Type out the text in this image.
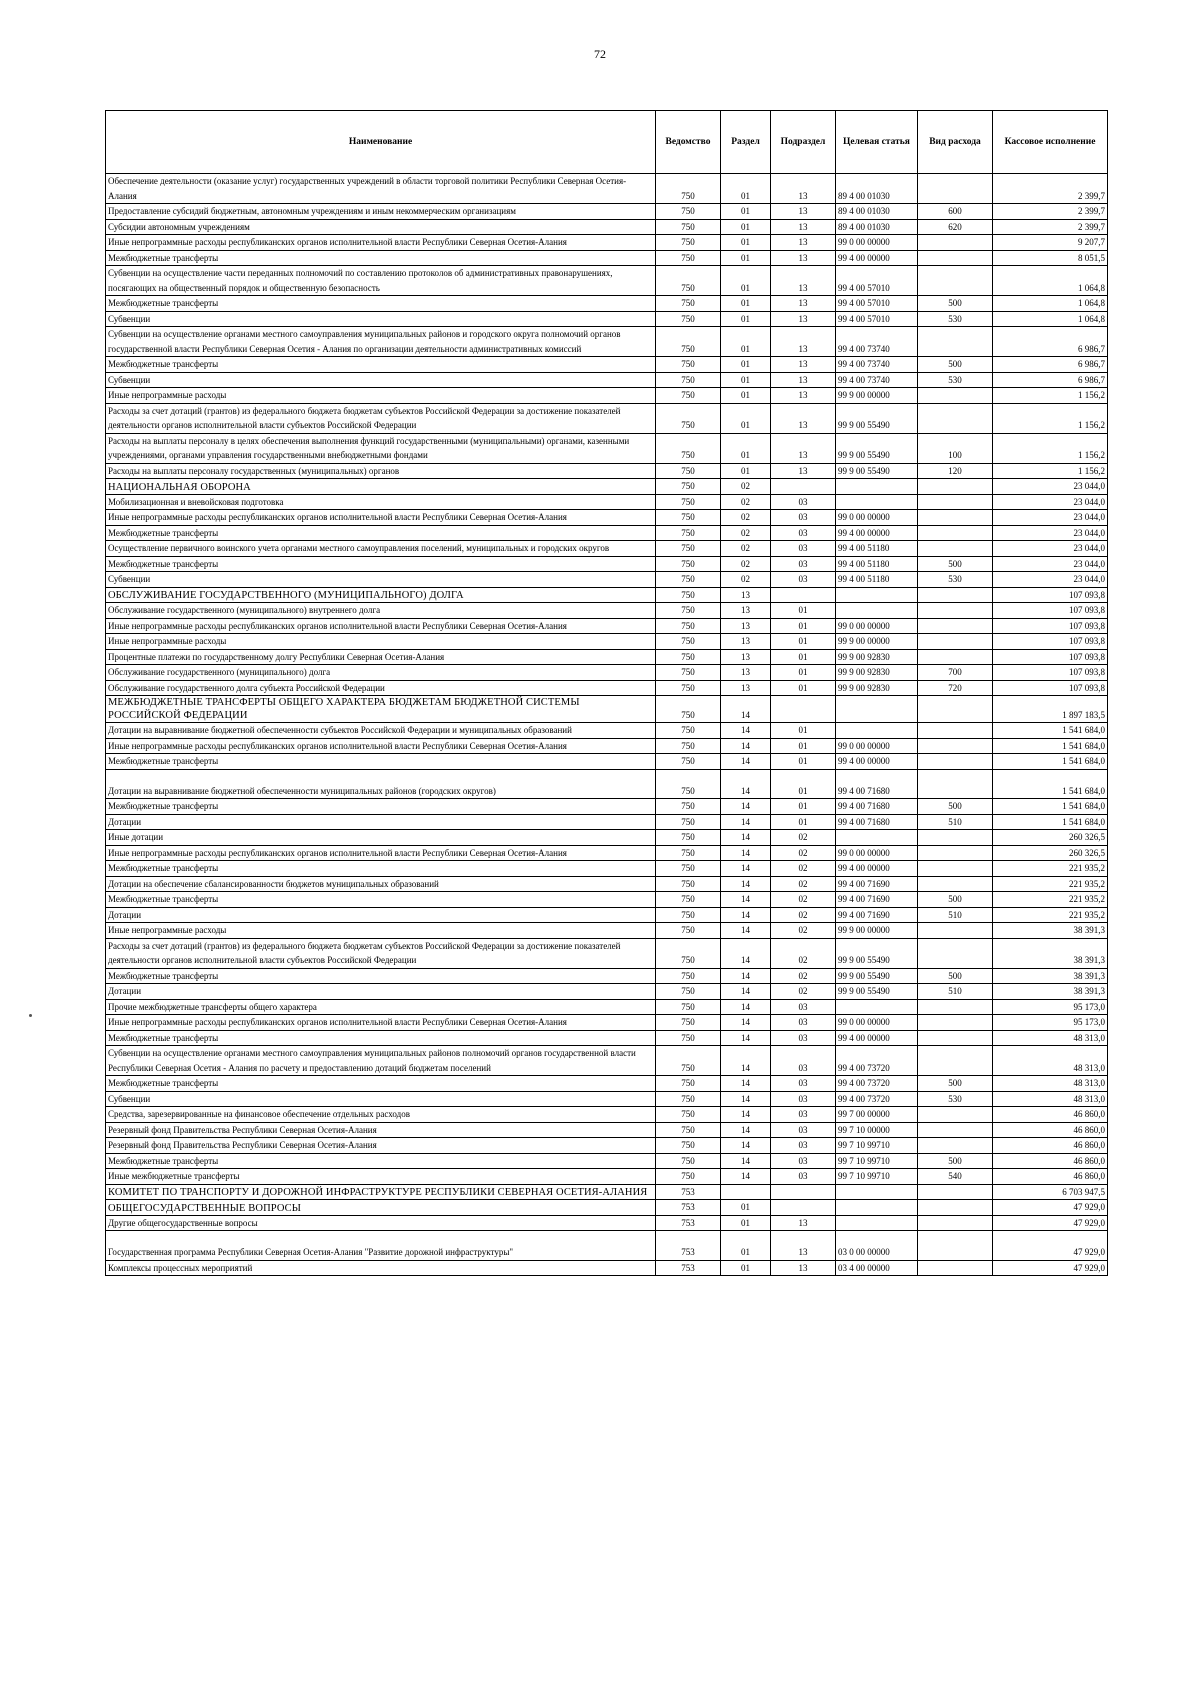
72
Наименование	Ведомство	Раздел	Подраздел	Целевая статья	Вид расхода	Кассовое исполнение
Обеспечение деятельности (оказание услуг) государственных учреждений в области торговой политики Республики Северная Осетия-Алания	750	01	13	89 4 00 01030		2 399,7
Предоставление субсидий бюджетным, автономным учреждениям и иным некоммерческим организациям	750	01	13	89 4 00 01030	600	2 399,7
Субсидии автономным учреждениям	750	01	13	89 4 00 01030	620	2 399,7
Иные непрограммные расходы республиканских органов исполнительной власти Республики Северная Осетия-Алания	750	01	13	99 0 00 00000		9 207,7
Межбюджетные трансферты	750	01	13	99 4 00 00000		8 051,5
Субвенции на осуществление части переданных полномочий по составлению протоколов об административных правонарушениях, посягающих на общественный порядок и общественную безопасность	750	01	13	99 4 00 57010		1 064,8
Межбюджетные трансферты	750	01	13	99 4 00 57010	500	1 064,8
Субвенции	750	01	13	99 4 00 57010	530	1 064,8
Субвенции на осуществление органами местного самоуправления муниципальных районов и городского округа полномочий органов государственной власти Республики Северная Осетия - Алания по организации деятельности административных комиссий	750	01	13	99 4 00 73740		6 986,7
Межбюджетные трансферты	750	01	13	99 4 00 73740	500	6 986,7
Субвенции	750	01	13	99 4 00 73740	530	6 986,7
Иные непрограммные расходы	750	01	13	99 9 00 00000		1 156,2
Расходы за счет дотаций (грантов) из федерального бюджета бюджетам субъектов Российской Федерации за достижение показателей деятельности органов исполнительной власти субъектов Российской Федерации	750	01	13	99 9 00 55490		1 156,2
Расходы на выплаты персоналу в целях обеспечения выполнения функций государственными (муниципальными) органами, казенными учреждениями, органами управления государственными внебюджетными фондами	750	01	13	99 9 00 55490	100	1 156,2
Расходы на выплаты персоналу государственных (муниципальных) органов	750	01	13	99 9 00 55490	120	1 156,2
НАЦИОНАЛЬНАЯ ОБОРОНА	750	02				23 044,0
Мобилизационная и вневойсковая подготовка	750	02	03			23 044,0
Иные непрограммные расходы республиканских органов исполнительной власти Республики Северная Осетия-Алания	750	02	03	99 0 00 00000		23 044,0
Межбюджетные трансферты	750	02	03	99 4 00 00000		23 044,0
Осуществление первичного воинского учета органами местного самоуправления поселений, муниципальных и городских округов	750	02	03	99 4 00 51180		23 044,0
Межбюджетные трансферты	750	02	03	99 4 00 51180	500	23 044,0
Субвенции	750	02	03	99 4 00 51180	530	23 044,0
ОБСЛУЖИВАНИЕ ГОСУДАРСТВЕННОГО (МУНИЦИПАЛЬНОГО) ДОЛГА	750	13				107 093,8
Обслуживание государственного (муниципального) внутреннего долга	750	13	01			107 093,8
Иные непрограммные расходы республиканских органов исполнительной власти Республики Северная Осетия-Алания	750	13	01	99 0 00 00000		107 093,8
Иные непрограммные расходы	750	13	01	99 9 00 00000		107 093,8
Процентные платежи по государственному долгу Республики Северная Осетия-Алания	750	13	01	99 9 00 92830		107 093,8
Обслуживание государственного (муниципального) долга	750	13	01	99 9 00 92830	700	107 093,8
Обслуживание государственного долга субъекта Российской Федерации	750	13	01	99 9 00 92830	720	107 093,8
МЕЖБЮДЖЕТНЫЕ ТРАНСФЕРТЫ ОБЩЕГО ХАРАКТЕРА БЮДЖЕТАМ БЮДЖЕТНОЙ СИСТЕМЫ РОССИЙСКОЙ ФЕДЕРАЦИИ	750	14				1 897 183,5
Дотации на выравнивание бюджетной обеспеченности субъектов Российской Федерации и муниципальных образований	750	14	01			1 541 684,0
Иные непрограммные расходы республиканских органов исполнительной власти Республики Северная Осетия-Алания	750	14	01	99 0 00 00000		1 541 684,0
Межбюджетные трансферты	750	14	01	99 4 00 00000		1 541 684,0
Дотации на выравнивание бюджетной обеспеченности муниципальных районов (городских округов)	750	14	01	99 4 00 71680		1 541 684,0
Межбюджетные трансферты	750	14	01	99 4 00 71680	500	1 541 684,0
Дотации	750	14	01	99 4 00 71680	510	1 541 684,0
Иные дотации	750	14	02			260 326,5
Иные непрограммные расходы республиканских органов исполнительной власти Республики Северная Осетия-Алания	750	14	02	99 0 00 00000		260 326,5
Межбюджетные трансферты	750	14	02	99 4 00 00000		221 935,2
Дотации на обеспечение сбалансированности бюджетов муниципальных образований	750	14	02	99 4 00 71690		221 935,2
Межбюджетные трансферты	750	14	02	99 4 00 71690	500	221 935,2
Дотации	750	14	02	99 4 00 71690	510	221 935,2
Иные непрограммные расходы	750	14	02	99 9 00 00000		38 391,3
Расходы за счет дотаций (грантов) из федерального бюджета бюджетам субъектов Российской Федерации за достижение показателей деятельности органов исполнительной власти субъектов Российской Федерации	750	14	02	99 9 00 55490		38 391,3
Межбюджетные трансферты	750	14	02	99 9 00 55490	500	38 391,3
Дотации	750	14	02	99 9 00 55490	510	38 391,3
Прочие межбюджетные трансферты общего характера	750	14	03			95 173,0
Иные непрограммные расходы республиканских органов исполнительной власти Республики Северная Осетия-Алания	750	14	03	99 0 00 00000		95 173,0
Межбюджетные трансферты	750	14	03	99 4 00 00000		48 313,0
Субвенции на осуществление органами местного самоуправления муниципальных районов полномочий органов государственной власти Республики Северная Осетия - Алания по расчету и предоставлению дотаций бюджетам поселений	750	14	03	99 4 00 73720		48 313,0
Межбюджетные трансферты	750	14	03	99 4 00 73720	500	48 313,0
Субвенции	750	14	03	99 4 00 73720	530	48 313,0
Средства, зарезервированные на финансовое обеспечение отдельных расходов	750	14	03	99 7 00 00000		46 860,0
Резервный фонд Правительства Республики Северная Осетия-Алания	750	14	03	99 7 10 00000		46 860,0
Резервный фонд Правительства Республики Северная Осетия-Алания	750	14	03	99 7 10 99710		46 860,0
Межбюджетные трансферты	750	14	03	99 7 10 99710	500	46 860,0
Иные межбюджетные трансферты	750	14	03	99 7 10 99710	540	46 860,0
КОМИТЕТ ПО ТРАНСПОРТУ И ДОРОЖНОЙ ИНФРАСТРУКТУРЕ РЕСПУБЛИКИ СЕВЕРНАЯ ОСЕТИЯ-АЛАНИЯ	753					6 703 947,5
ОБЩЕГОСУДАРСТВЕННЫЕ ВОПРОСЫ	753	01				47 929,0
Другие общегосударственные вопросы	753	01	13			47 929,0
Государственная программа Республики Северная Осетия-Алания "Развитие дорожной инфраструктуры"	753	01	13	03 0 00 00000		47 929,0
Комплексы процессных мероприятий	753	01	13	03 4 00 00000		47 929,0
